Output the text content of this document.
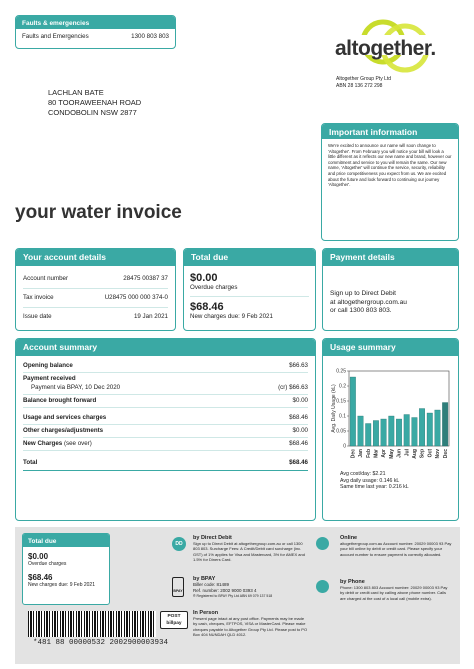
Faults & emergencies
Faults and Emergencies	1300 803 803
altogether.
Altogether Group Pty Ltd
ABN 28 136 272 298
LACHLAN BATE
80 TOORAWEENAH ROAD
CONDOBOLIN NSW 2877
Important information
We're excited to announce our name will soon change to 'Altogether'. From February you will notice your bill will look a little different as it reflects our new name and brand, however our commitment and service to you will remain the same. Our new name, 'Altogether' will continue the service, security, reliability and price competitiveness you expect from us. We are excited about the future and look forward to continuing our journey 'Altogether'.
your water invoice
Your account details
Account number	28475 00387 37
Tax invoice	U28475 000 000 374-0
Issue date	19 Jan 2021
Total due
$0.00
Overdue charges
$68.46
New charges due: 9 Feb 2021
Payment details
Sign up to Direct Debit
at altogethergroup.com.au
or call 1300 803 803.
Account summary
Opening balance	$66.63
Payment received
Payment via BPAY, 10 Dec 2020	(cr) $66.63
Balance brought forward	$0.00
Usage and services charges	$68.46
Other charges/adjustments	$0.00
New Charges (see over)	$68.46
Total	$68.46
Usage summary
0.25
0.2
0.15
0.1
0.05
0
Avg. Daily Usage (kL)
Dec Jan Feb Mar Apr May Jun Jul Aug Sep Oct Nov Dec
Avg cost/day: $2.21
Avg daily usage: 0.146 kL
Same time last year: 0.216 kL
Total due
$0.00
Overdue charges
$68.46
New charges due: 9 Feb 2021
*481 88 00000532 2002900003934
DD
by Direct Debit
Sign up to Direct Debit at altogethergroup.com.au or call 1300 803 803. Surcharge Fees: A Credit/Debit card surcharge (inc. GST) of 1% applies for Visa and Mastercard, 3% for AMEX and 1.5% for Diners Card.
BPAY
by BPAY
Biller code: 81489
Ref. number: 2002 9000 0393 4
® Registered to BPAY Pty Ltd ABN 69 079 137 518
POST billpay
In Person
Present page intact at any post office. Payments may be made by cash, cheques, EFTPOS, VISA or MasterCard. Please make cheques payable to Altogether Group Pty Ltd. Please post to PO Box 404 NUNDAH QLD 4012.
Online
altogethergroup.com.au Account number: 20029 00003 93 Pay your bill online by debit or credit card. Please specify your account number to ensure payment is correctly allocated.
by Phone
Phone: 1300 803 803 Account number: 20029 00003 93 Pay by debit or credit card by calling above phone number. Calls are charged at the cost of a local call (mobile extra).
